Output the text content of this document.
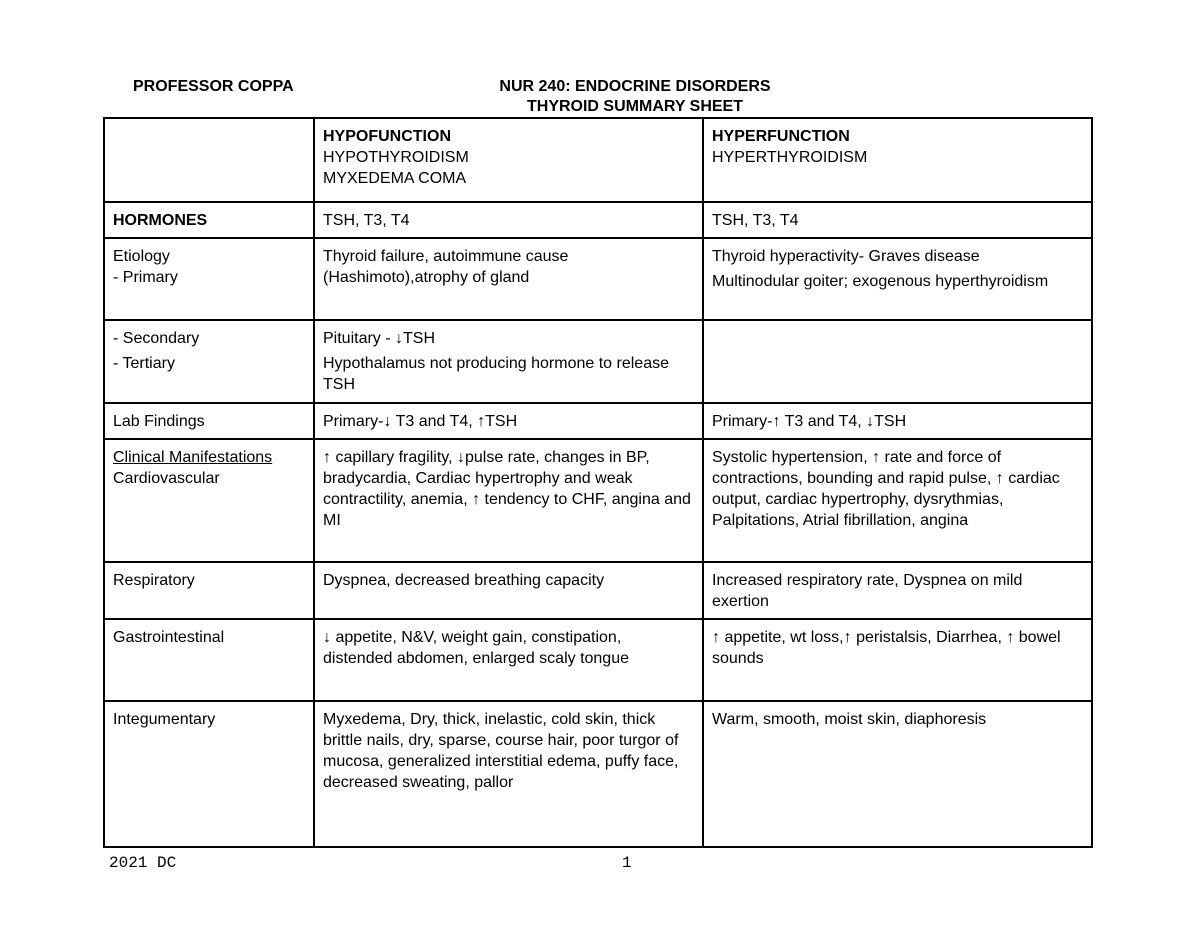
PROFESSOR COPPA	NUR 240: ENDOCRINE DISORDERS
THYROID SUMMARY SHEET

	HYPOFUNCTION
HYPOTHYROIDISM
MYXEDEMA COMA	HYPERFUNCTION
HYPERTHYROIDISM

HORMONES	TSH, T3, T4	TSH, T3, T4

Etiology
- Primary	Thyroid failure, autoimmune cause (Hashimoto),atrophy of gland	Thyroid hyperactivity- Graves disease
Multinodular goiter; exogenous hyperthyroidism

- Secondary
- Tertiary	Pituitary - ↓TSH
Hypothalamus not producing hormone to release TSH	

Lab Findings	Primary-↓ T3 and T4, ↑TSH	Primary-↑ T3 and T4, ↓TSH

Clinical Manifestations
Cardiovascular	↑ capillary fragility, ↓pulse rate, changes in BP, bradycardia, Cardiac hypertrophy and weak contractility, anemia, ↑ tendency to CHF, angina and MI	Systolic hypertension, ↑ rate and force of contractions, bounding and rapid pulse, ↑ cardiac output, cardiac hypertrophy, dysrythmias, Palpitations, Atrial fibrillation, angina
Respiratory	Dyspnea, decreased breathing capacity	Increased respiratory rate, Dyspnea on mild exertion
Gastrointestinal	↓ appetite, N&V, weight gain, constipation, distended abdomen, enlarged scaly tongue	↑ appetite, wt loss,↑ peristalsis, Diarrhea, ↑ bowel sounds
Integumentary	Myxedema, Dry, thick, inelastic, cold skin, thick brittle nails, dry, sparse, course hair, poor turgor of mucosa, generalized interstitial edema, puffy face, decreased sweating, pallor	Warm, smooth, moist skin, diaphoresis
2021 DC	1
